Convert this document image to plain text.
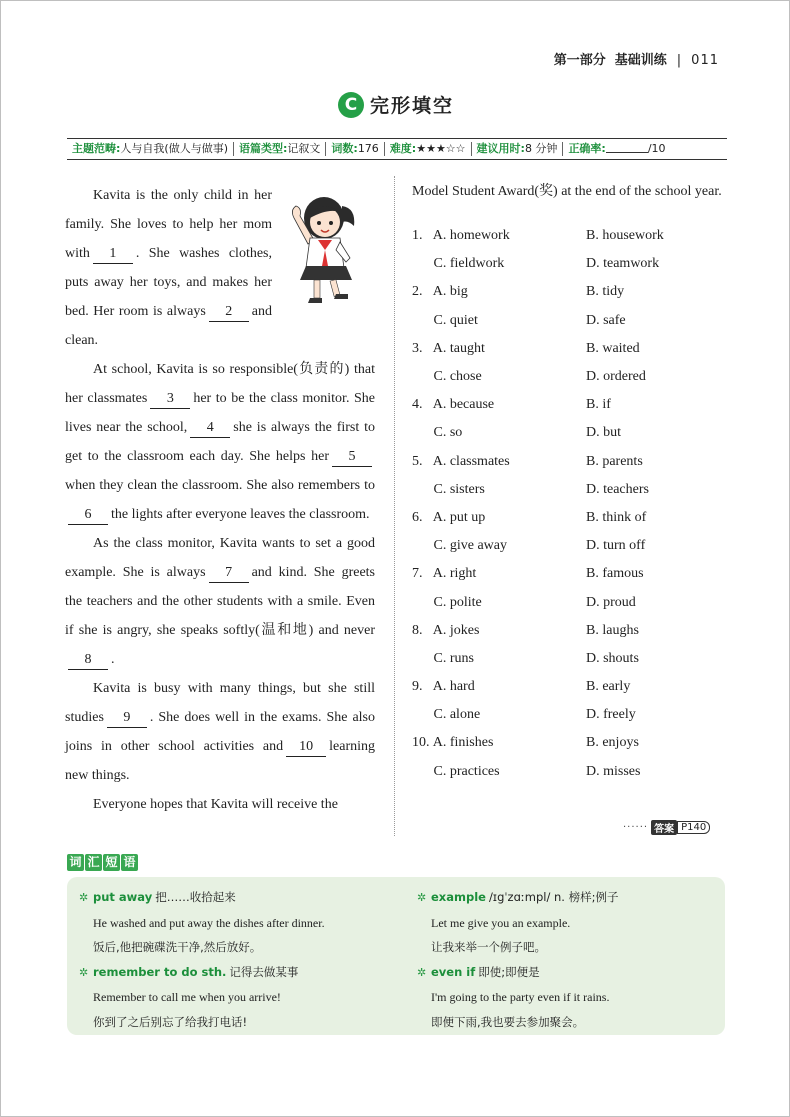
第一部分 基础训练 | 011
C 完形填空
主题范畴:人与自我(做人与做事)	语篇类型:记叙文	词数:176	难度:★★★☆☆	建议用时:8 分钟	正确率:	/10

Kavita is the only child in her family. She loves to help her mom with 1 . She washes clothes, puts away her toys, and makes her bed. Her room is always 2 and clean.

At school, Kavita is so responsible(负责的) that her classmates 3 her to be the class monitor. She lives near the school, 4 she is always the first to get to the classroom each day. She helps her 5when they clean the classroom. She also remembers to6 the lights after everyone leaves the classroom.

As the class monitor, Kavita wants to set a good example. She is always 7 and kind. She greets the teachers and the other students with a smile. Even if she is angry, she speaks softly(温和地) and never8 .

Kavita is busy with many things, but she still studies 9 . She does well in the exams. She also joins in other school activities and 10 learning new things.

Everyone hopes that Kavita will receive the

Model Student Award(奖) at the end of the school year.
1. A. homework	B. housework
C. fieldwork	D. teamwork
2. A. big	B. tidy
C. quiet	D. safe
3. A. taught	B. waited
C. chose	D. ordered
4. A. because	B. if
C. so	D. but
5. A. classmates	B. parents
C. sisters	D. teachers
6. A. put up	B. think of
C. give away	D. turn off
7. A. right	B. famous
C. polite	D. proud
8. A. jokes	B. laughs
C. runs	D. shouts
9. A. hard	B. early
C. alone	D. freely
10. A. finishes	B. enjoys
C. practices	D. misses
······ 答案 P140
词 汇 短 语
✲ put away 把……收拾起来
He washed and put away the dishes after dinner.
饭后,他把碗碟洗干净,然后放好。
✲ remember to do sth. 记得去做某事
Remember to call me when you arrive!
你到了之后别忘了给我打电话!
✲ example /ɪgˈzɑːmpl/ n. 榜样;例子
Let me give you an example.
让我来举一个例子吧。
✲ even if 即使;即便是
I'm going to the party even if it rains.
即便下雨,我也要去参加聚会。
